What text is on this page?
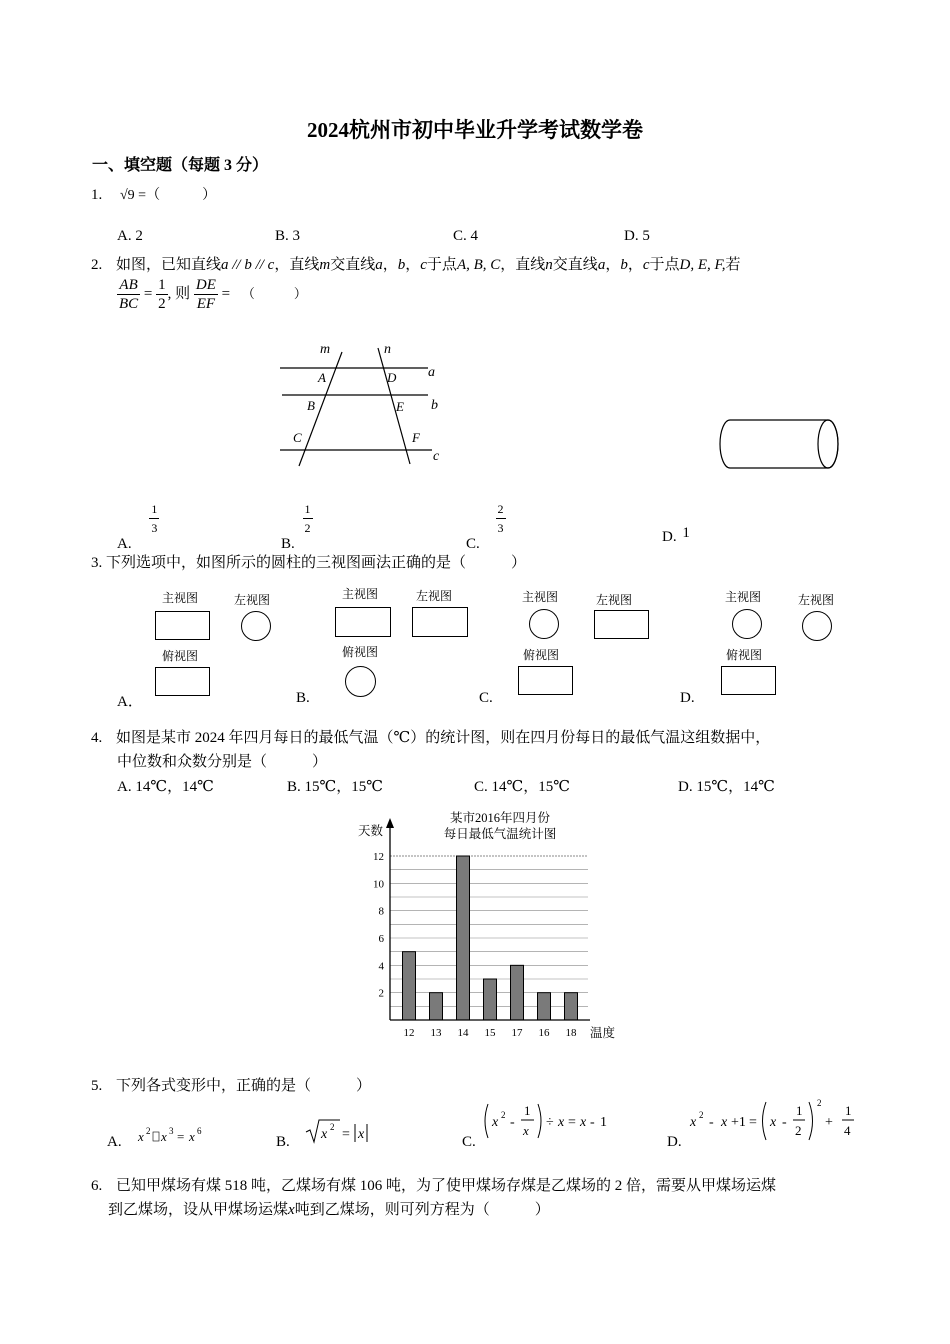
2024杭州市初中毕业升学考试数学卷
一、填空题（每题 3 分）
1. √9 =（　　　）
A. 2	B. 3	C. 4	D. 5
2. 如图，已知直线a // b // c，直线m交直线a，b，c于点A, B, C，直线n交直线a，b，c于点D, E, F,若
$\frac{AB}{BC} = \frac{1}{2}$ , 则 $\frac{DE}{EF}$ = （　　　）
m	n
a
b
c
A
B
C
D
E
F
A.
$\frac{1}{3}$
B.
$\frac{1}{2}$
C.
$\frac{2}{3}$	D. 1
3. 下列选项中，如图所示的圆柱的三视图画法正确的是（　　　）
主视图	左视图
俯视图
A．
主视图	左视图
俯视图
B.
主视图	左视图
俯视图
C.
主视图	左视图
俯视图
D.
4. 如图是某市 2024 年四月每日的最低气温（℃）的统计图，则在四月份每日的最低气温这组数据中，
中位数和众数分别是（　　　）
A. 14℃，14℃	B. 15℃，15℃	C. 14℃，15℃	D. 15℃，14℃
某市2016年四月份
每日最低气温统计图
天数
温度
2
4
6
8
10
12
12 13 14 15 17 16 18
5. 下列各式变形中，正确的是（　　　）
A. x 2 x 3 = x 6
B. x 2 = x	C.
x 2 -
1
x
÷ x = x - 1
D.
x 2 - x +1 = x -
1
2
2
+
1
4
6. 已知甲煤场有煤 518 吨，乙煤场有煤 106 吨，为了使甲煤场存煤是乙煤场的 2 倍，需要从甲煤场运煤
到乙煤场，设从甲煤场运煤x吨到乙煤场，则可列方程为（　　　）
